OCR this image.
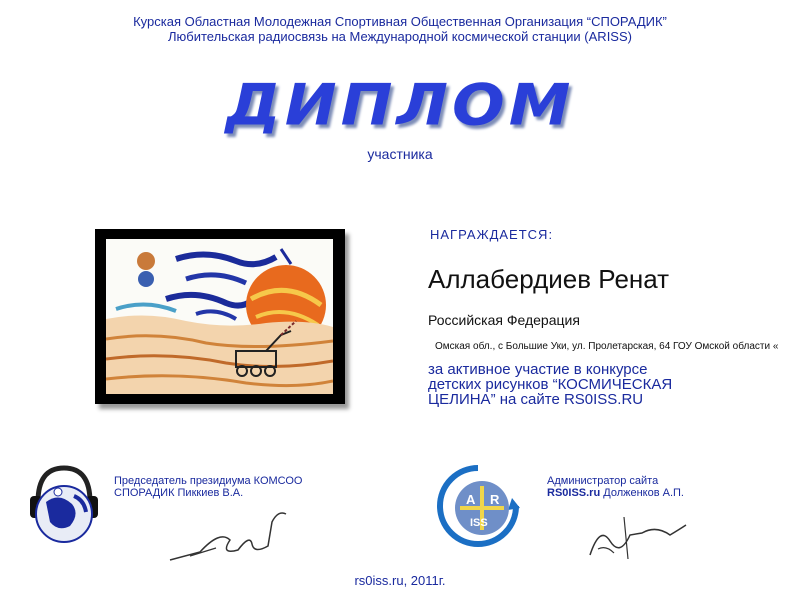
Курская Областная Молодежная Спортивная Общественная Организация “СПОРАДИК”
Любительская радиосвязь на Международной космической станции (ARISS)
ДИПЛОМ
участника
НАГРАЖДАЕТСЯ:
Аллабердиев Ренат
Российская Федерация
Омская обл., с Большие Уки, ул. Пролетарская, 64 ГОУ Омской области «
за активное участие в конкурсе
детских рисунков “КОСМИЧЕСКАЯ
ЦЕЛИНА” на сайте RS0ISS.RU
Председатель президиума КОМСОО
СПОРАДИК Пиккиев В.А.	A R
ISS
Администратор сайта
RS0ISS.ru Долженков А.П.
rs0iss.ru, 2011г.
